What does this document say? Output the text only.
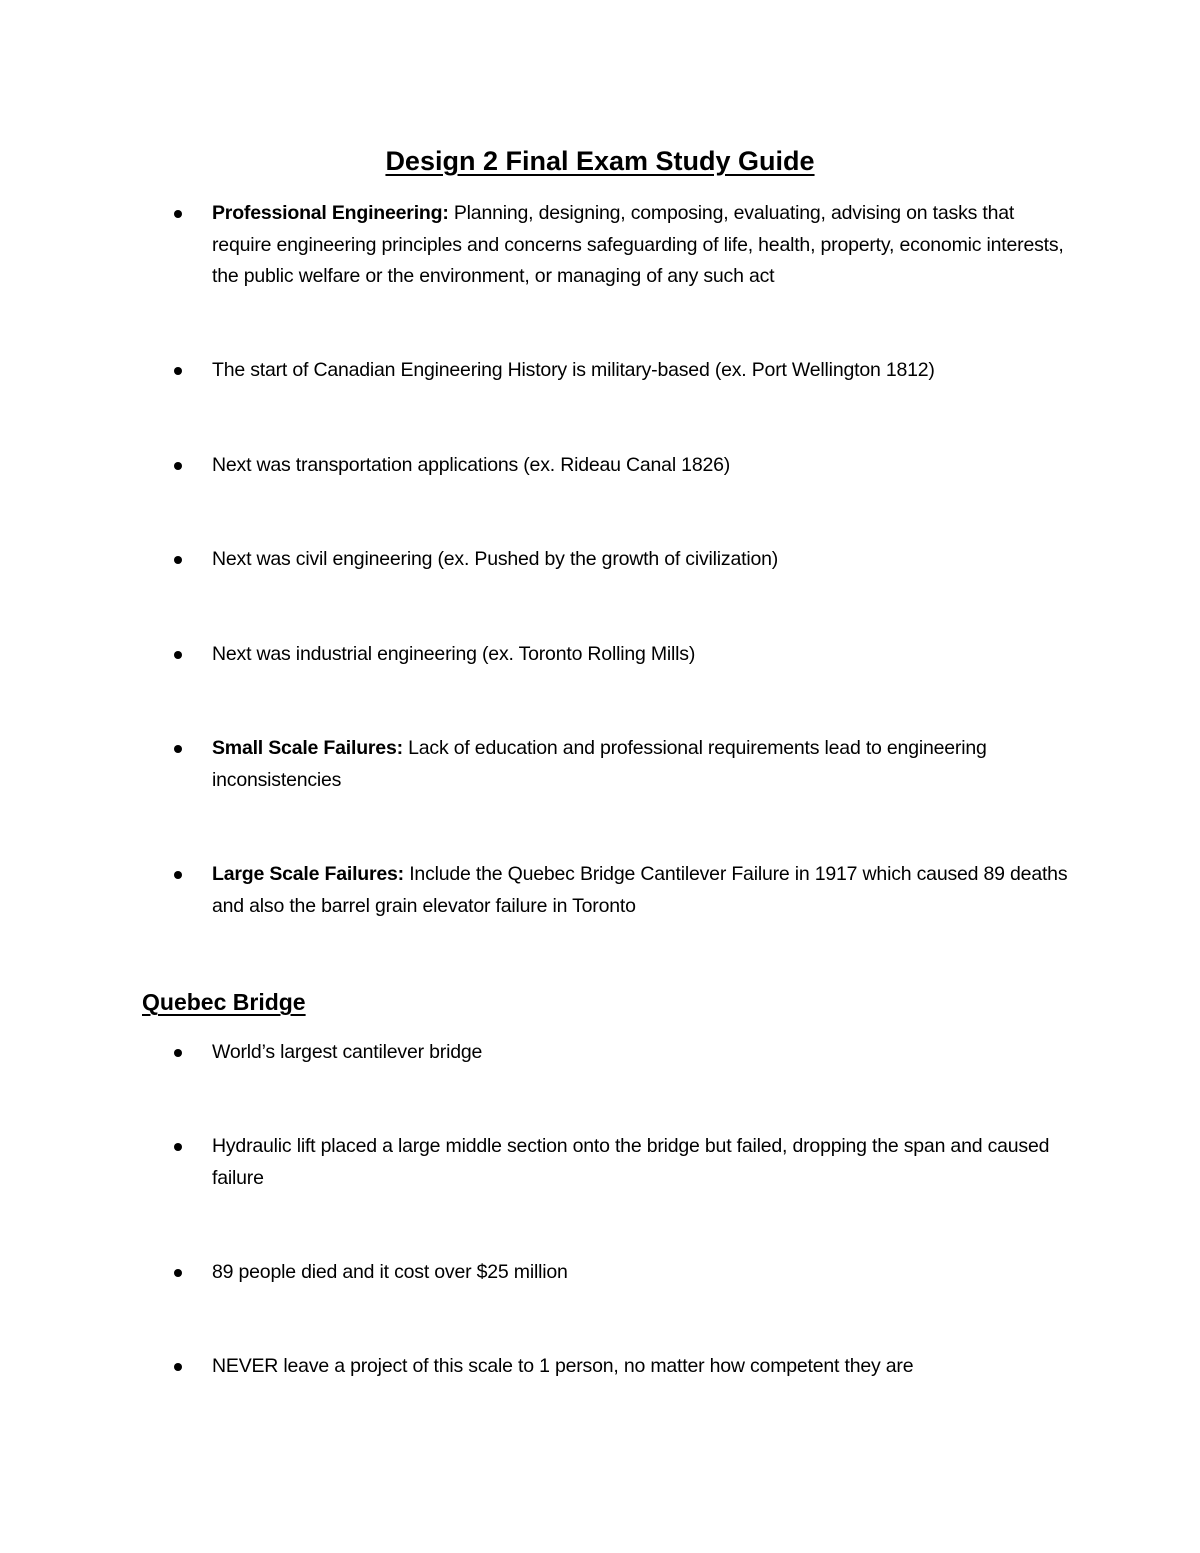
Design 2 Final Exam Study Guide
Professional Engineering: Planning, designing, composing, evaluating, advising on tasks that require engineering principles and concerns safeguarding of life, health, property, economic interests, the public welfare or the environment, or managing of any such act
The start of Canadian Engineering History is military-based (ex. Port Wellington 1812)
Next was transportation applications (ex. Rideau Canal 1826)
Next was civil engineering (ex. Pushed by the growth of civilization)
Next was industrial engineering (ex. Toronto Rolling Mills)
Small Scale Failures: Lack of education and professional requirements lead to engineering inconsistencies
Large Scale Failures: Include the Quebec Bridge Cantilever Failure in 1917 which caused 89 deaths and also the barrel grain elevator failure in Toronto
Quebec Bridge
World’s largest cantilever bridge
Hydraulic lift placed a large middle section onto the bridge but failed, dropping the span and caused failure
89 people died and it cost over $25 million
NEVER leave a project of this scale to 1 person, no matter how competent they are
